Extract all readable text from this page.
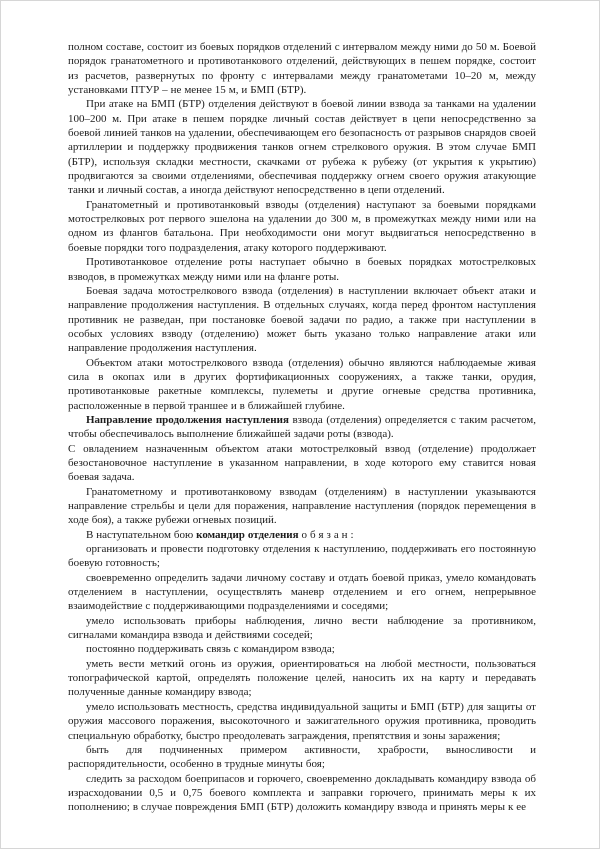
полном составе, состоит из боевых порядков отделений с интервалом между ними до 50 м. Боевой порядок гранатометного и противотанкового отделений, действующих в пешем порядке, состоит из расчетов, развернутых по фронту с интервалами между гранатометами 10–20 м, между установками ПТУР – не менее 15 м, и БМП (БТР).

При атаке на БМП (БТР) отделения действуют в боевой линии взвода за танками на удалении 100–200 м. При атаке в пешем порядке личный состав действует в цепи непосредственно за боевой линией танков на удалении, обеспечивающем его безопасность от разрывов снарядов своей артиллерии и поддержку продвижения танков огнем стрелкового оружия. В этом случае БМП (БТР), используя складки местности, скачками от рубежа к рубежу (от укрытия к укрытию) продвигаются за своими отделениями, обеспечивая поддержку огнем своего оружия атакующие танки и личный состав, а иногда действуют непосредственно в цепи отделений.

Гранатометный и противотанковый взводы (отделения) наступают за боевыми порядками мотострелковых рот первого эшелона на удалении до 300 м, в промежутках между ними или на одном из флангов батальона. При необходимости они могут выдвигаться непосредственно в боевые порядки того подразделения, атаку которого поддерживают.

Противотанковое отделение роты наступает обычно в боевых порядках мотострелковых взводов, в промежутках между ними или на фланге роты.

Боевая задача мотострелкового взвода (отделения) в наступлении включает объект атаки и направление продолжения наступления. В отдельных случаях, когда перед фронтом наступления противник не разведан, при постановке боевой задачи по радио, а также при наступлении в особых условиях взводу (отделению) может быть указано только направление атаки или направление продолжения наступления.

Объектом атаки мотострелкового взвода (отделения) обычно являются наблюдаемые живая сила в окопах или в других фортификационных сооружениях, а также танки, орудия, противотанковые ракетные комплексы, пулеметы и другие огневые средства противника, расположенные в первой траншее и в ближайшей глубине.

Направление продолжения наступления взвода (отделения) определяется с таким расчетом, чтобы обеспечивалось выполнение ближайшей задачи роты (взвода).

С овладением назначенным объектом атаки мотострелковый взвод (отделение) продолжает безостановочное наступление в указанном направлении, в ходе которого ему ставится новая боевая задача.

Гранатометному и противотанковому взводам (отделениям) в наступлении указываются направление стрельбы и цели для поражения, направление наступления (порядок перемещения в ходе боя), а также рубежи огневых позиций.

В наступательном бою командир отделения о б я з а н :

организовать и провести подготовку отделения к наступлению, поддерживать его постоянную боевую готовность;

своевременно определить задачи личному составу и отдать боевой приказ, умело командовать отделением в наступлении, осуществлять маневр отделением и его огнем, непрерывное взаимодействие с поддерживающими подразделениями и соседями;

умело использовать приборы наблюдения, лично вести наблюдение за противником, сигналами командира взвода и действиями соседей;

постоянно поддерживать связь с командиром взвода;

уметь вести меткий огонь из оружия, ориентироваться на любой местности, пользоваться топографической картой, определять положение целей, наносить их на карту и передавать полученные данные командиру взвода;

умело использовать местность, средства индивидуальной защиты и БМП (БТР) для защиты от оружия массового поражения, высокоточного и зажигательного оружия противника, проводить специальную обработку, быстро преодолевать заграждения, препятствия и зоны заражения;

быть для подчиненных примером активности, храбрости, выносливости и распорядительности, особенно в трудные минуты боя;

следить за расходом боеприпасов и горючего, своевременно докладывать командиру взвода об израсходовании 0,5 и 0,75 боевого комплекта и заправки горючего, принимать меры к их пополнению; в случае повреждения БМП (БТР) доложить командиру взвода и принять меры к ее
